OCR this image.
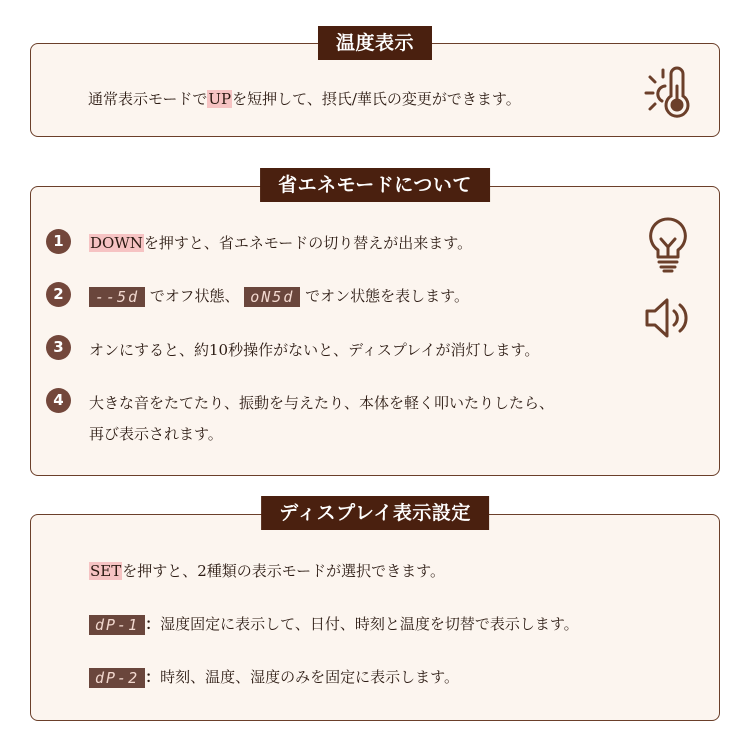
通常表示モードでUPを短押して、摂氏/華氏の変更ができます。
温度表示
1	DOWNを押すと、省エネモードの切り替えが出来ます。
2	--5d でオフ状態、 oN5d でオン状態を表します。
3	オンにすると、約10秒操作がないと、ディスプレイが消灯します。
4	大きな音をたてたり、振動を与えたり、本体を軽く叩いたりしたら、
再び表示されます。
省エネモードについて
SETを押すと、2種類の表示モードが選択できます。
dP-1 ：湿度固定に表示して、日付、時刻と温度を切替で表示します。
dP-2 ：時刻、温度、湿度のみを固定に表示します。
ディスプレイ表示設定
